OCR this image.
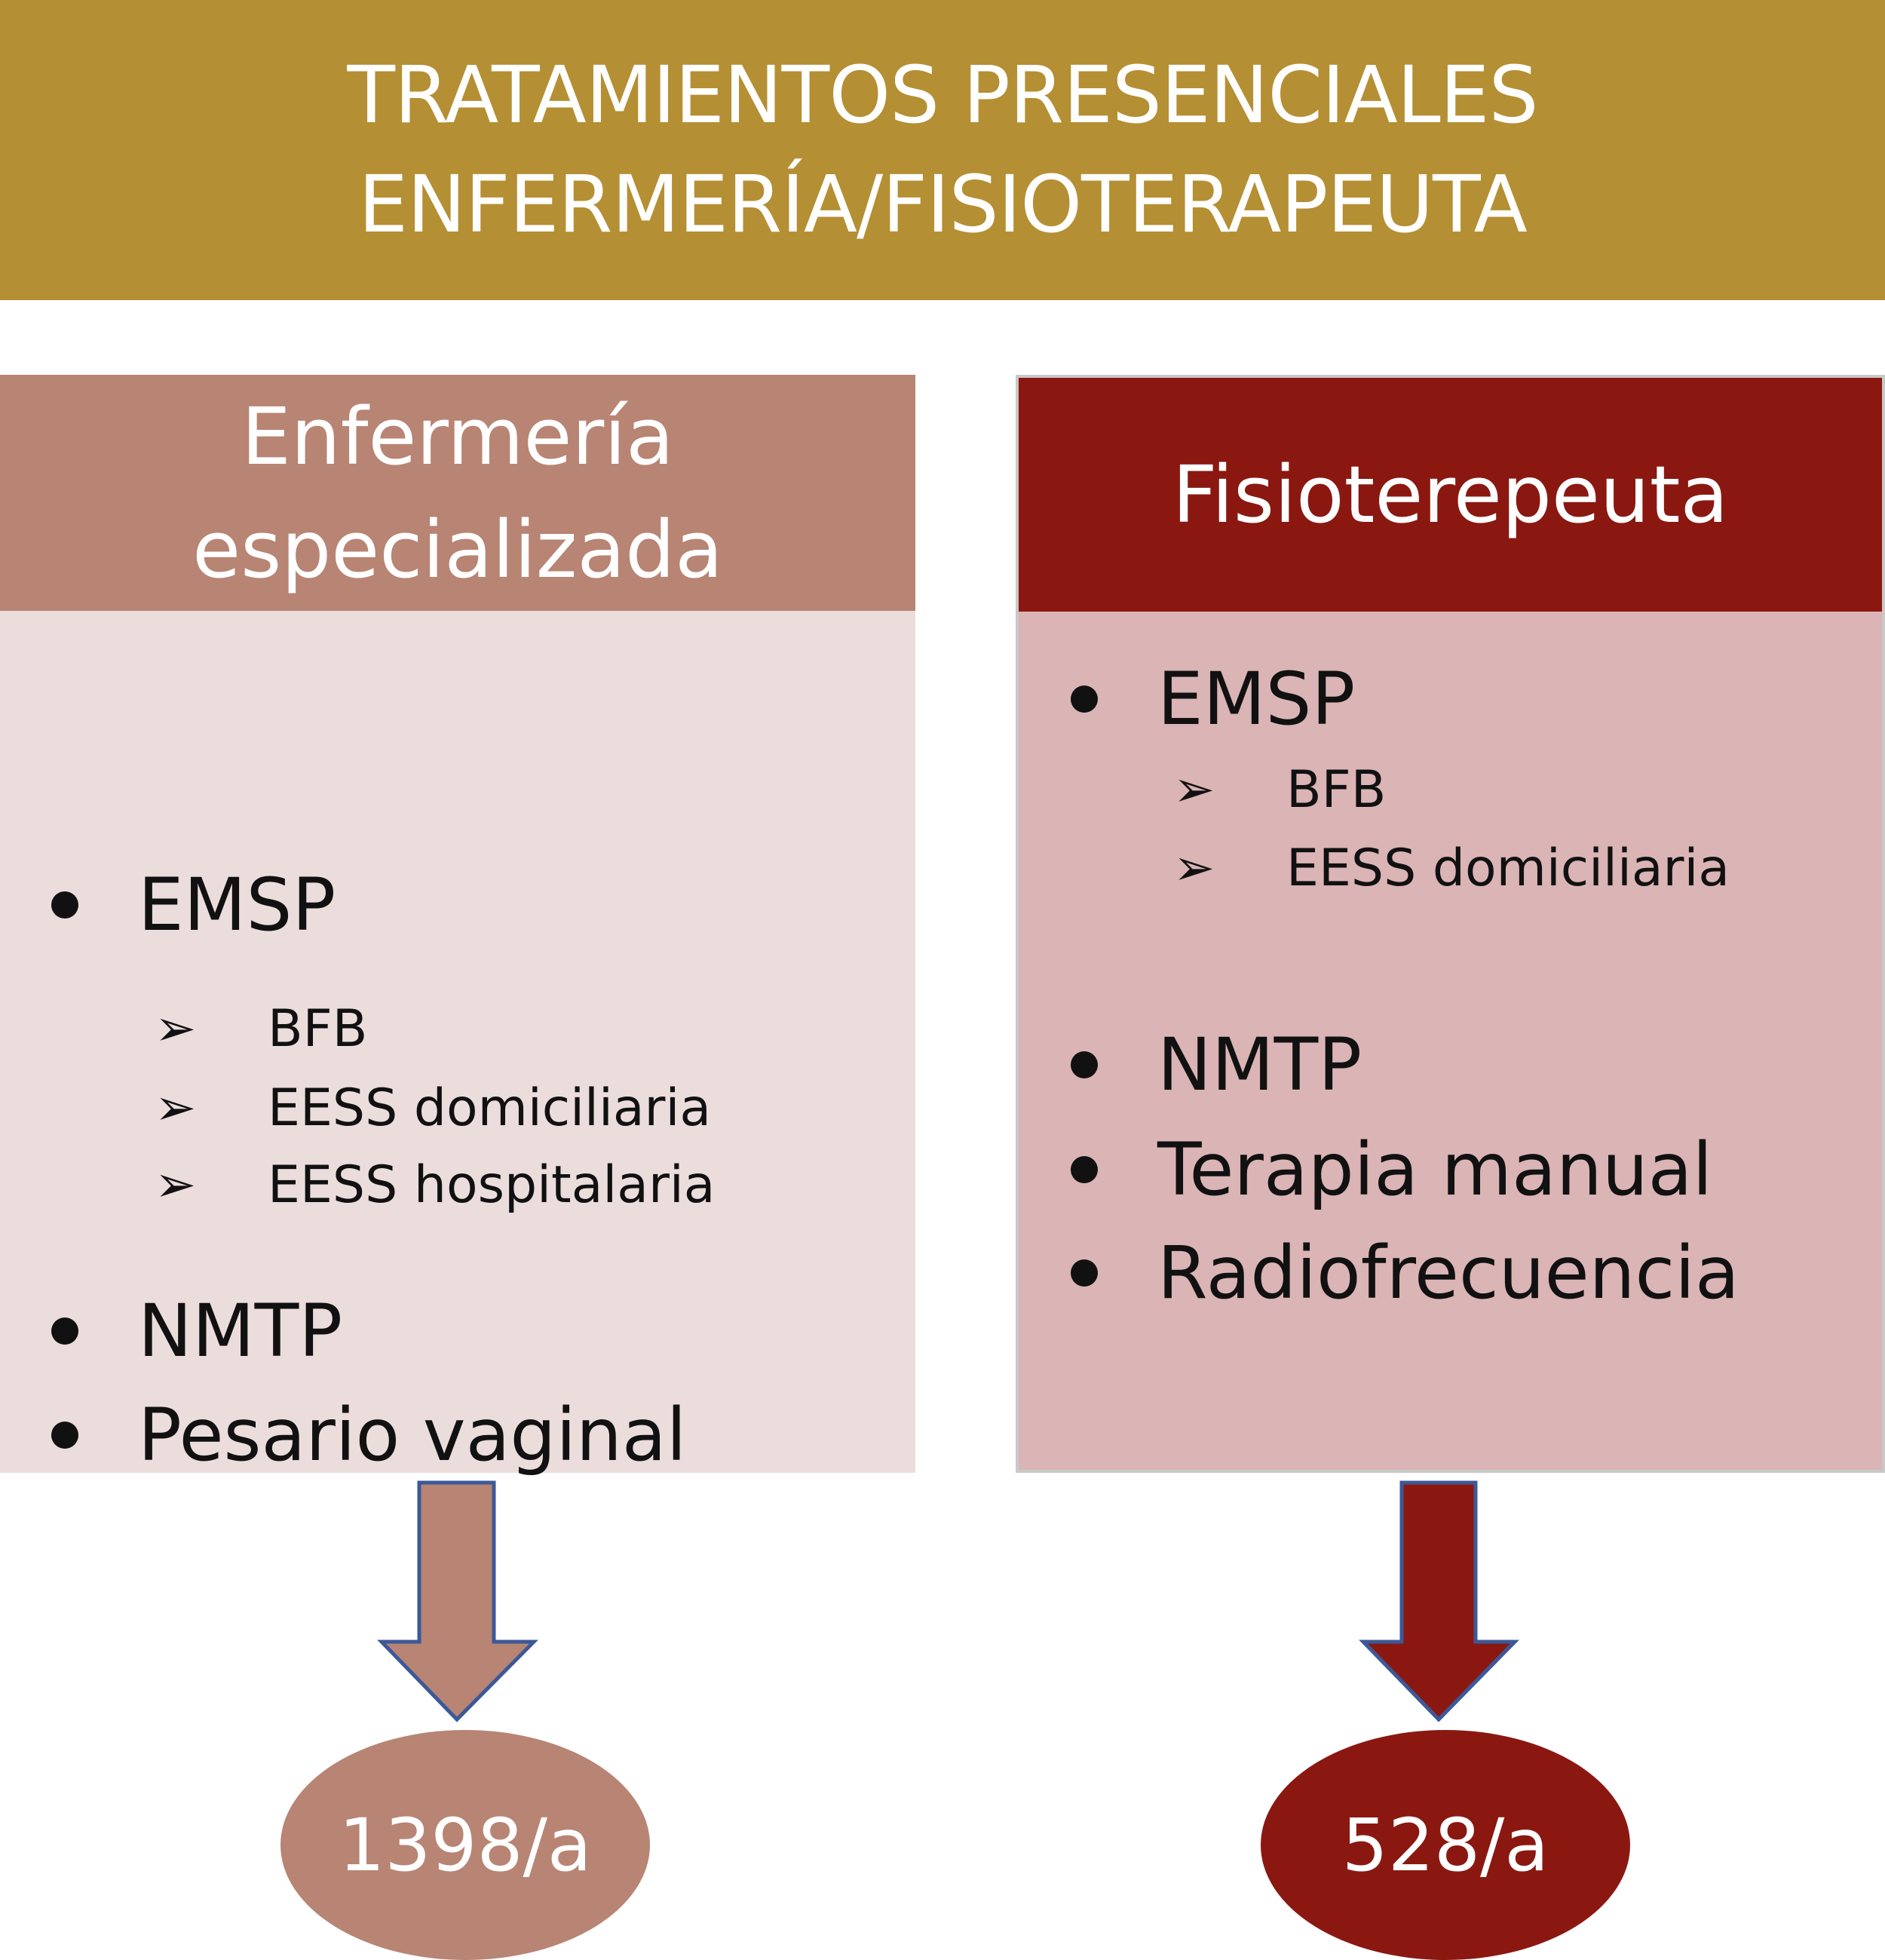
TRATAMIENTOS PRESENCIALES
ENFERMERÍA/FISIOTERAPEUTA
Enfermería
especializada
EMSP
➢ BFB
➢ EESS domiciliaria
➢ EESS hospitalaria
NMTP
Pesario vaginal
Fisioterepeuta
EMSP
➢ BFB
➢ EESS domiciliaria
NMTP
Terapia manual
Radiofrecuencia
1398/a	528/a
